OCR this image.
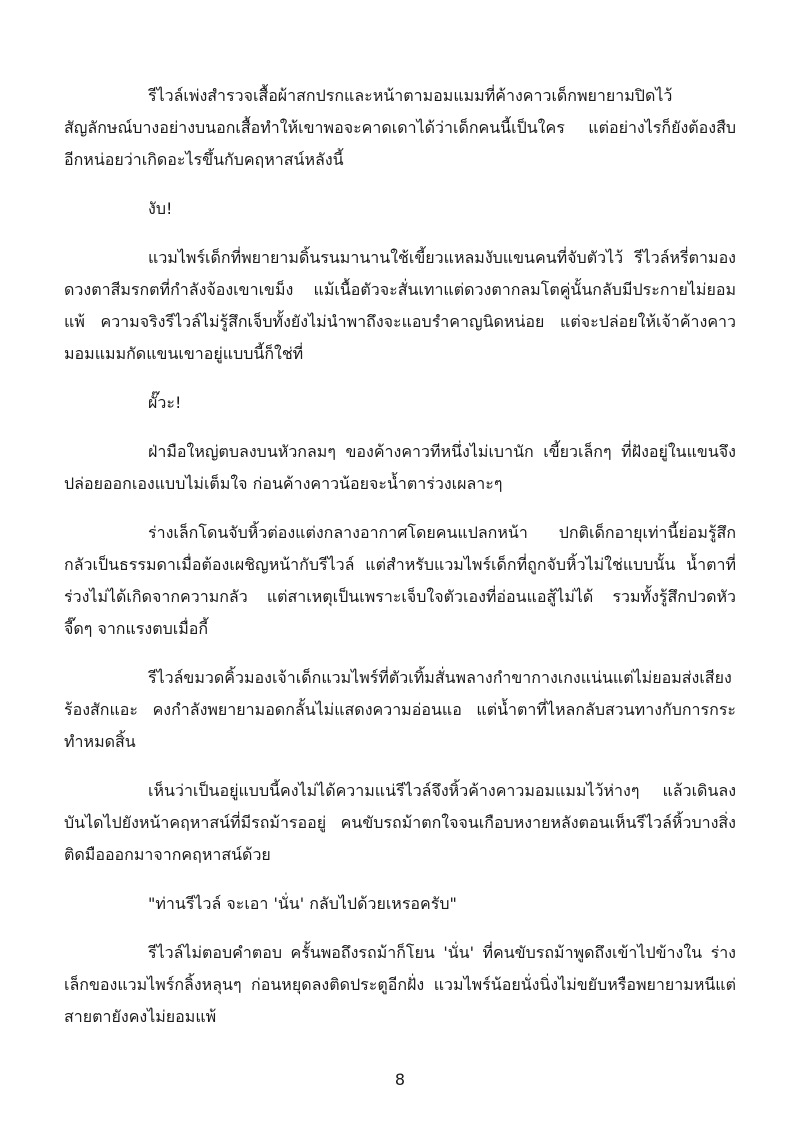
รีไวล์เพ่งสำรวจเสื้อผ้าสกปรกและหน้าตามอมแมมที่ค้างคาวเด็กพยายามปิดไว้ สัญลักษณ์บางอย่างบนอกเสื้อทำให้เขาพอจะคาดเดาได้ว่าเด็กคนนี้เป็นใคร แต่อย่างไรก็ยังต้องสืบอีกหน่อยว่าเกิดอะไรขึ้นกับคฤหาสน์หลังนี้

งับ!

แวมไพร์เด็กที่พยายามดิ้นรนมานานใช้เขี้ยวแหลมงับแขนคนที่จับตัวไว้ รีไวล์หรี่ตามองดวงตาสีมรกตที่กำลังจ้องเขาเขม็ง แม้เนื้อตัวจะสั่นเทาแต่ดวงตากลมโตคู่นั้นกลับมีประกายไม่ยอมแพ้ ความจริงรีไวล์ไม่รู้สึกเจ็บทั้งยังไม่นำพาถึงจะแอบรำคาญนิดหน่อย แต่จะปล่อยให้เจ้าค้างคาวมอมแมมกัดแขนเขาอยู่แบบนี้ก็ใช่ที่

ผั๊วะ!

ฝ่ามือใหญ่ตบลงบนหัวกลมๆ ของค้างคาวทีหนึ่งไม่เบานัก เขี้ยวเล็กๆ ที่ฝังอยู่ในแขนจึงปล่อยออกเองแบบไม่เต็มใจ ก่อนค้างคาวน้อยจะน้ำตาร่วงเผลาะๆ

ร่างเล็กโดนจับหิ้วต่องแต่งกลางอากาศโดยคนแปลกหน้า ปกติเด็กอายุเท่านี้ย่อมรู้สึกกลัวเป็นธรรมดาเมื่อต้องเผชิญหน้ากับรีไวล์ แต่สำหรับแวมไพร์เด็กที่ถูกจับหิ้วไม่ใช่แบบนั้น น้ำตาที่ร่วงไม่ได้เกิดจากความกลัว แต่สาเหตุเป็นเพราะเจ็บใจตัวเองที่อ่อนแอสู้ไม่ได้ รวมทั้งรู้สึกปวดหัวจี๊ดๆ จากแรงตบเมื่อกี้

รีไวล์ขมวดคิ้วมองเจ้าเด็กแวมไพร์ที่ตัวเทิ้มสั่นพลางกำขากางเกงแน่นแต่ไม่ยอมส่งเสียงร้องสักแอะ คงกำลังพยายามอดกลั้นไม่แสดงความอ่อนแอ แต่น้ำตาที่ไหลกลับสวนทางกับการกระทำหมดสิ้น

เห็นว่าเป็นอยู่แบบนี้คงไม่ได้ความแน่รีไวล์จึงหิ้วค้างคาวมอมแมมไว้ห่างๆ แล้วเดินลงบันไดไปยังหน้าคฤหาสน์ที่มีรถม้ารออยู่ คนขับรถม้าตกใจจนเกือบหงายหลังตอนเห็นรีไวล์หิ้วบางสิ่งติดมือออกมาจากคฤหาสน์ด้วย

"ท่านรีไวล์ จะเอา 'นั่น' กลับไปด้วยเหรอครับ"

รีไวล์ไม่ตอบคำตอบ ครั้นพอถึงรถม้าก็โยน 'นั่น' ที่คนขับรถม้าพูดถึงเข้าไปข้างใน ร่างเล็กของแวมไพร์กลิ้งหลุนๆ ก่อนหยุดลงติดประตูอีกฝั่ง แวมไพร์น้อยนั่งนิ่งไม่ขยับหรือพยายามหนีแต่สายตายังคงไม่ยอมแพ้

8
